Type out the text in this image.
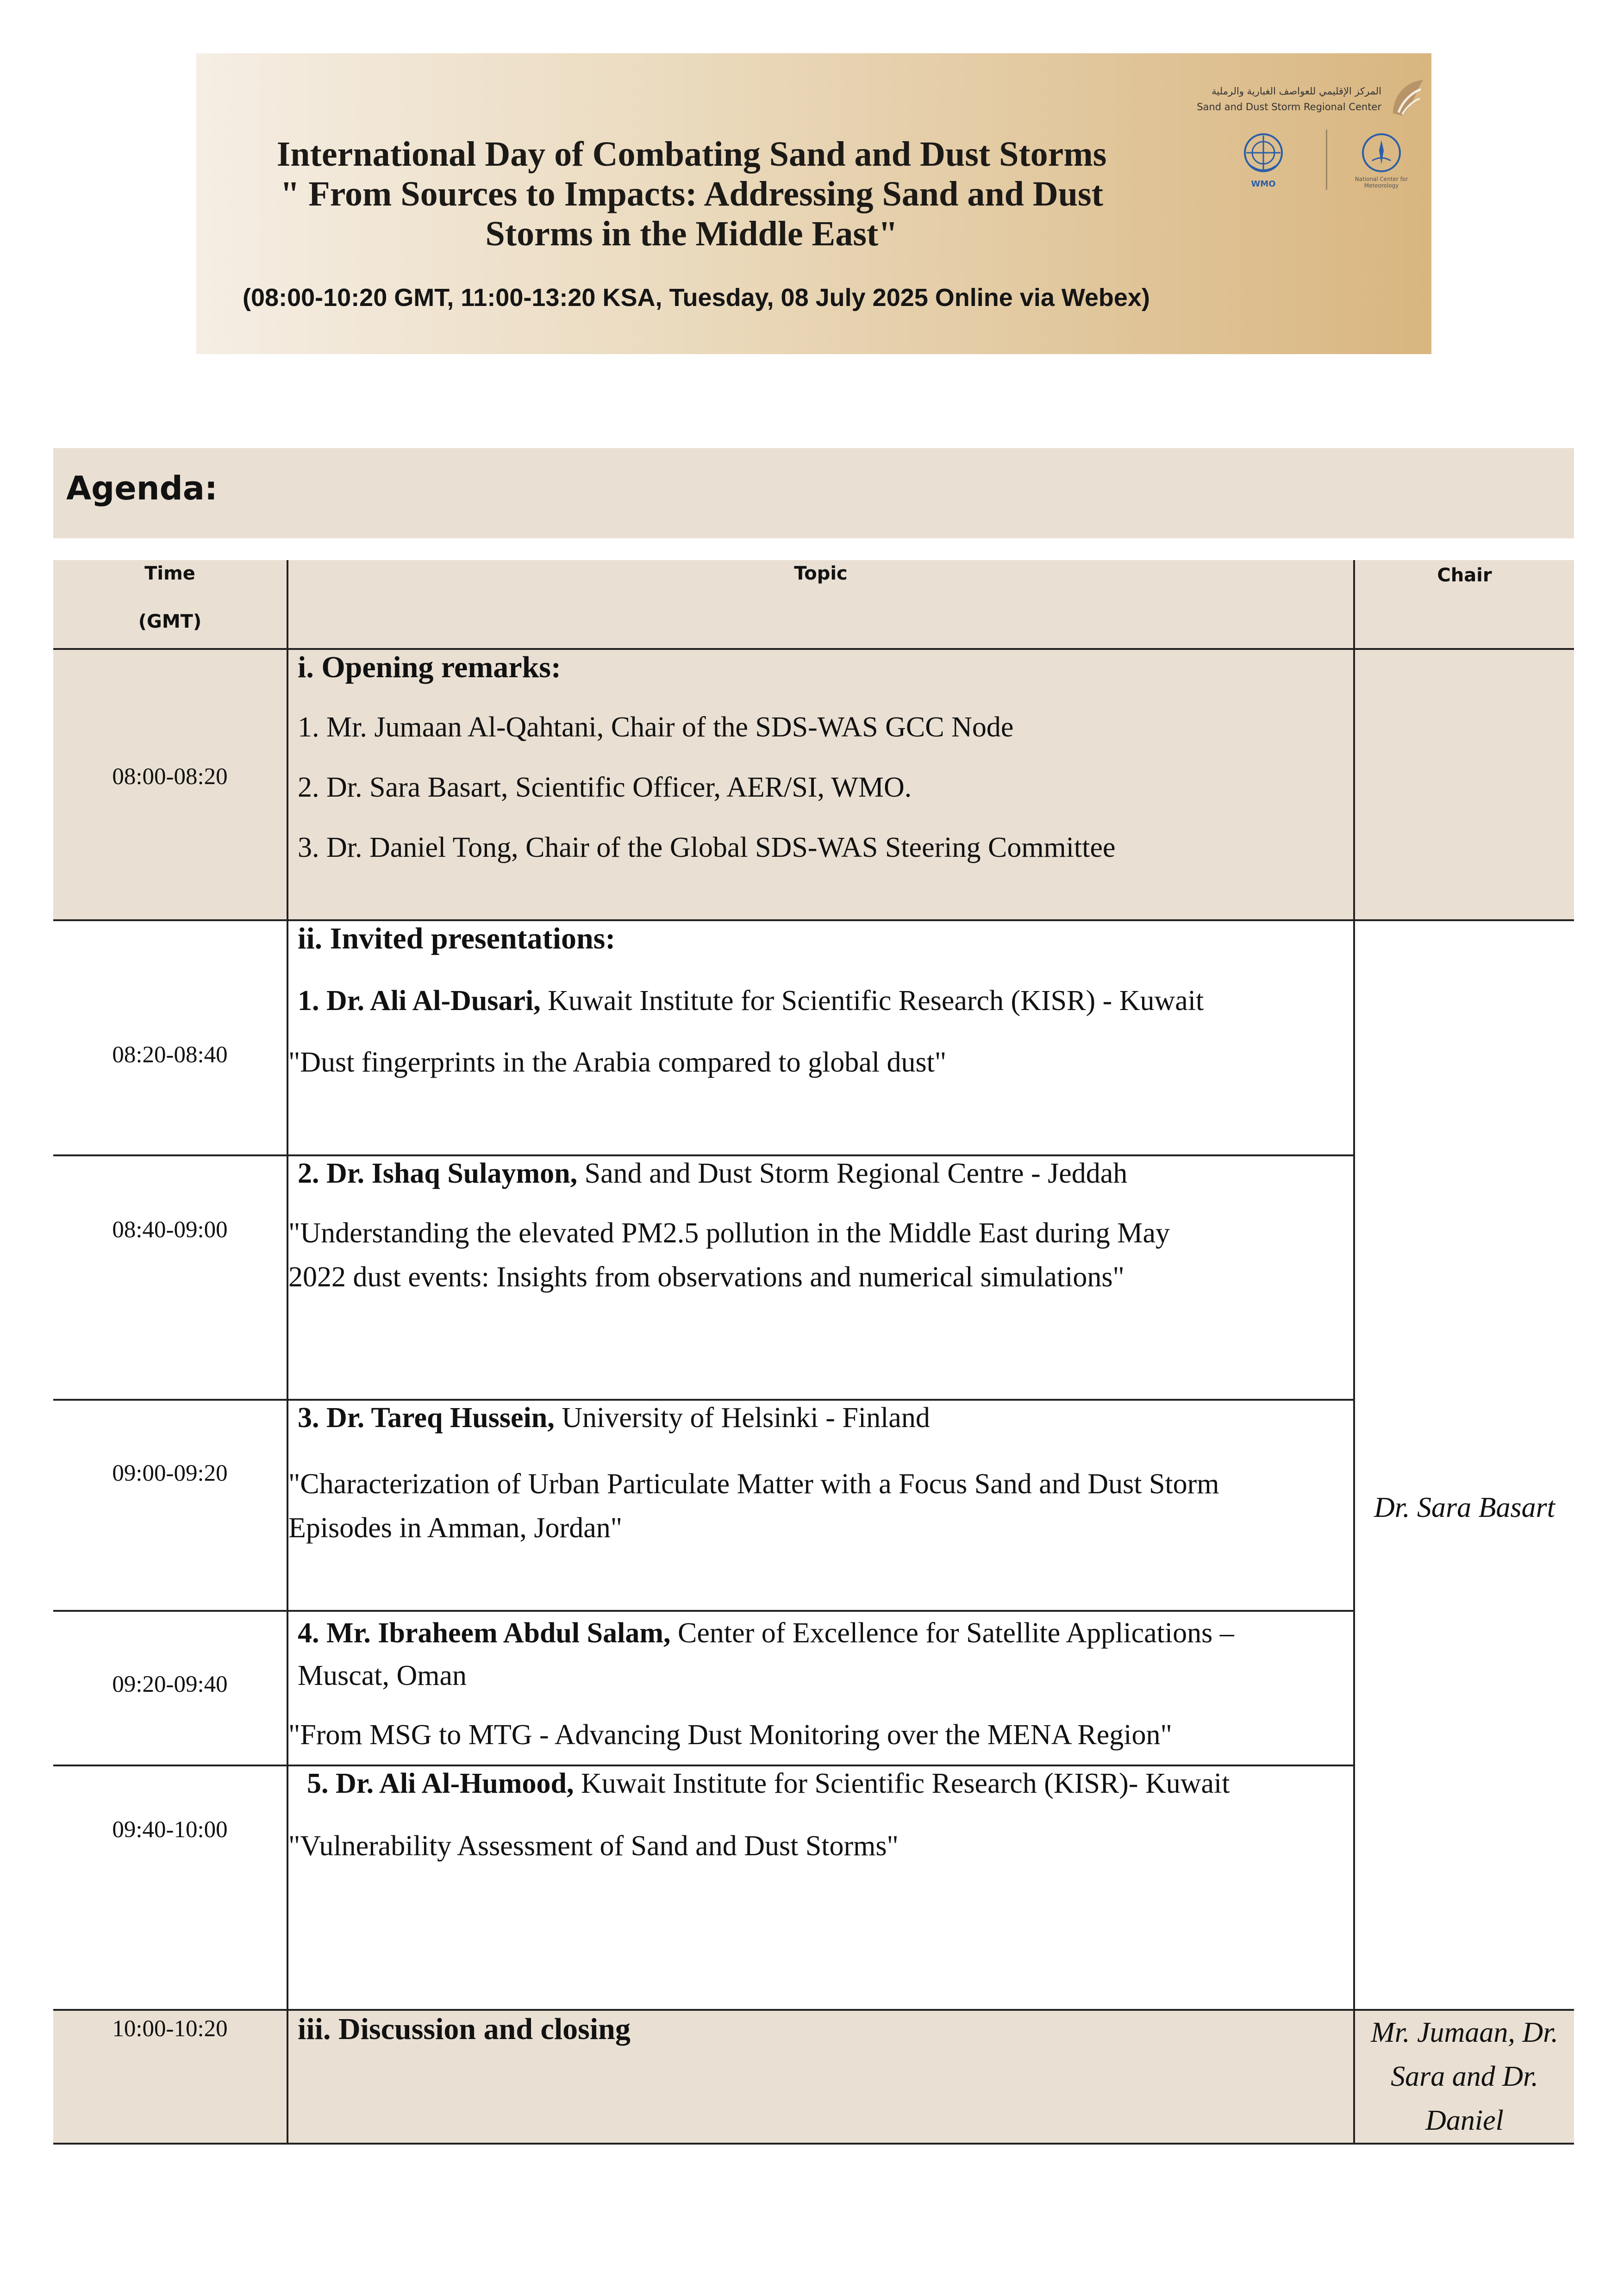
International Day of Combating Sand and Dust Storms
" From Sources to Impacts: Addressing Sand and Dust
Storms in the Middle East"
(08:00-10:20 GMT, 11:00-13:20 KSA, Tuesday, 08 July 2025 Online via Webex)
المركز الإقليمي للعواصف الغبارية والرملية
Sand and Dust Storm Regional Center
WMO	National Center for Meteorology
Agenda:
Time
(GMT)	Topic	Chair

08:00-08:20	i. Opening remarks:
1. Mr. Jumaan Al-Qahtani, Chair of the SDS-WAS GCC Node
2. Dr. Sara Basart, Scientific Officer, AER/SI, WMO.
3. Dr. Daniel Tong, Chair of the Global SDS-WAS Steering Committee	

08:20-08:40	ii. Invited presentations:
1. Dr. Ali Al-Dusari, Kuwait Institute for Scientific Research (KISR) - Kuwait
"Dust fingerprints in the Arabia compared to global dust"	Dr. Sara Basart

08:40-09:00	2. Dr. Ishaq Sulaymon, Sand and Dust Storm Regional Centre - Jeddah
"Understanding the elevated PM2.5 pollution in the Middle East during May
2022 dust events: Insights from observations and numerical simulations"	

09:00-09:20	3. Dr. Tareq Hussein, University of Helsinki - Finland
"Characterization of Urban Particulate Matter with a Focus Sand and Dust Storm
Episodes in Amman, Jordan"	

09:20-09:40	4. Mr. Ibraheem Abdul Salam, Center of Excellence for Satellite Applications –
Muscat, Oman
"From MSG to MTG - Advancing Dust Monitoring over the MENA Region"	

09:40-10:00	5. Dr. Ali Al-Humood, Kuwait Institute for Scientific Research (KISR)- Kuwait
"Vulnerability Assessment of Sand and Dust Storms"	

10:00-10:20	iii. Discussion and closing	Mr. Jumaan, Dr.
Sara and Dr.
Daniel
